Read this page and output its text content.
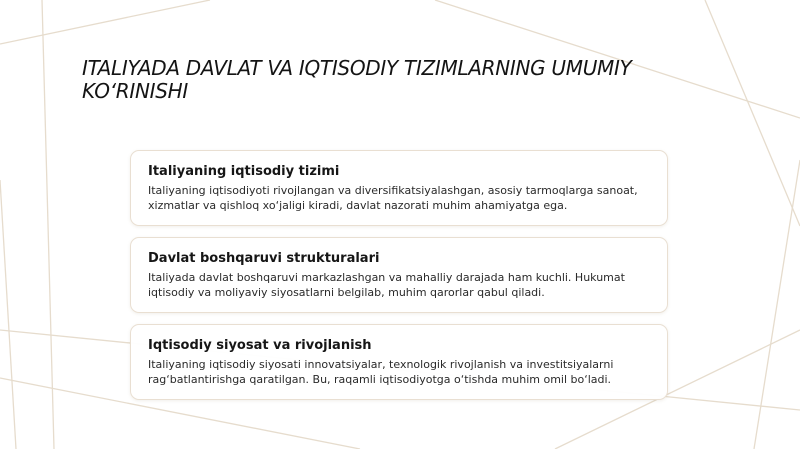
ITALIYADA DAVLAT VA IQTISODIY TIZIMLARNING UMUMIY KO‘RINISHI
Italiyaning iqtisodiy tizimi

Italiyaning iqtisodiyoti rivojlangan va diversifikatsiyalashgan, asosiy tarmoqlarga sanoat, xizmatlar va qishloq xo‘jaligi kiradi, davlat nazorati muhim ahamiyatga ega.

Davlat boshqaruvi strukturalari

Italiyada davlat boshqaruvi markazlashgan va mahalliy darajada ham kuchli. Hukumat iqtisodiy va moliyaviy siyosatlarni belgilab, muhim qarorlar qabul qiladi.

Iqtisodiy siyosat va rivojlanish

Italiyaning iqtisodiy siyosati innovatsiyalar, texnologik rivojlanish va investitsiyalarni rag‘batlantirishga qaratilgan. Bu, raqamli iqtisodiyotga o‘tishda muhim omil bo‘ladi.
